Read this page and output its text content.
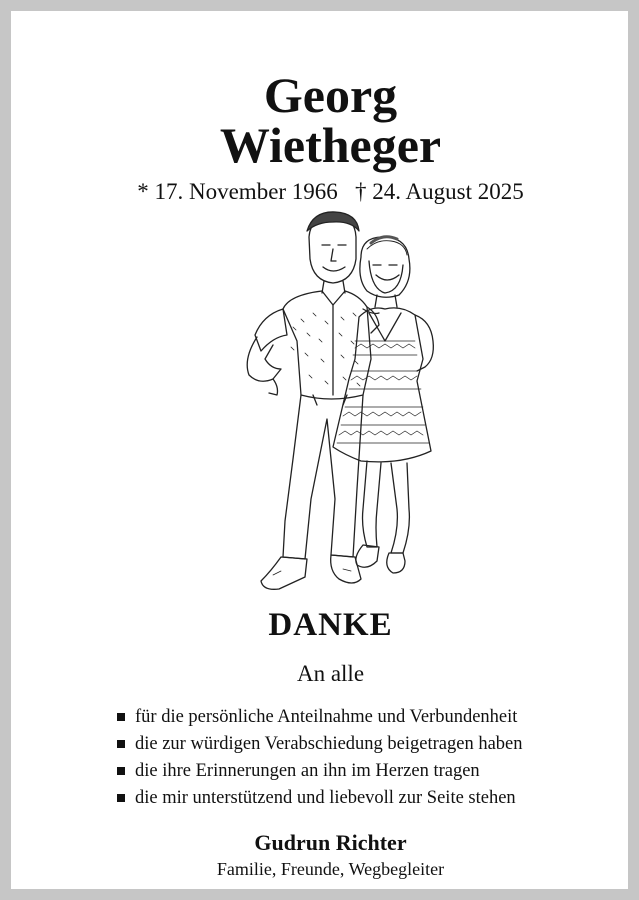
Georg
Wietheger
* 17. November 1966   † 24. August 2025
DANKE
An alle
für die persönliche Anteilnahme und Verbundenheit
die zur würdigen Verabschiedung beigetragen haben
die ihre Erinnerungen an ihn im Herzen tragen
die mir unterstützend und liebevoll zur Seite stehen
Gudrun Richter
Familie, Freunde, Wegbegleiter
